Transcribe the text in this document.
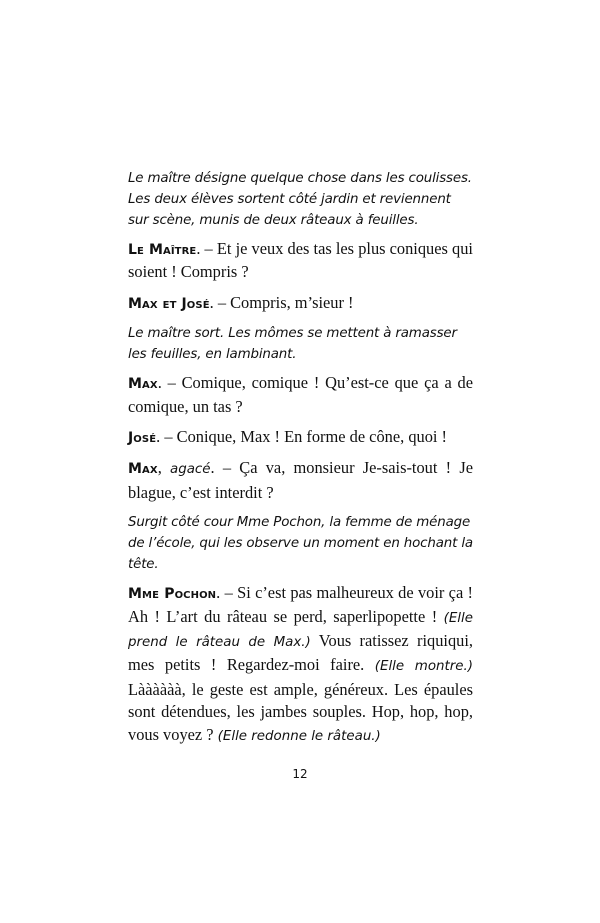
Le maître désigne quelque chose dans les coulisses. Les deux élèves sortent côté jardin et reviennent sur scène, munis de deux râteaux à feuilles.

Le Maître. – Et je veux des tas les plus coniques qui soient ! Compris ?

Max et José. – Compris, m’sieur !

Le maître sort. Les mômes se mettent à ramasser les feuilles, en lambinant.

Max. – Comique, comique ! Qu’est-ce que ça a de comique, un tas ?

José. – Conique, Max ! En forme de cône, quoi !

Max, agacé. – Ça va, monsieur Je-sais-tout ! Je blague, c’est interdit ?

Surgit côté cour Mme Pochon, la femme de ménage de l’école, qui les observe un moment en hochant la tête.

Mme Pochon. – Si c’est pas malheureux de voir ça ! Ah ! L’art du râteau se perd, saperlipopette ! (Elle prend le râteau de Max.) Vous ratissez riquiqui, mes petits ! Regardez-moi faire. (Elle montre.) Làààààà, le geste est ample, généreux. Les épaules sont détendues, les jambes souples. Hop, hop, hop, vous voyez ? (Elle redonne le râteau.)

12
